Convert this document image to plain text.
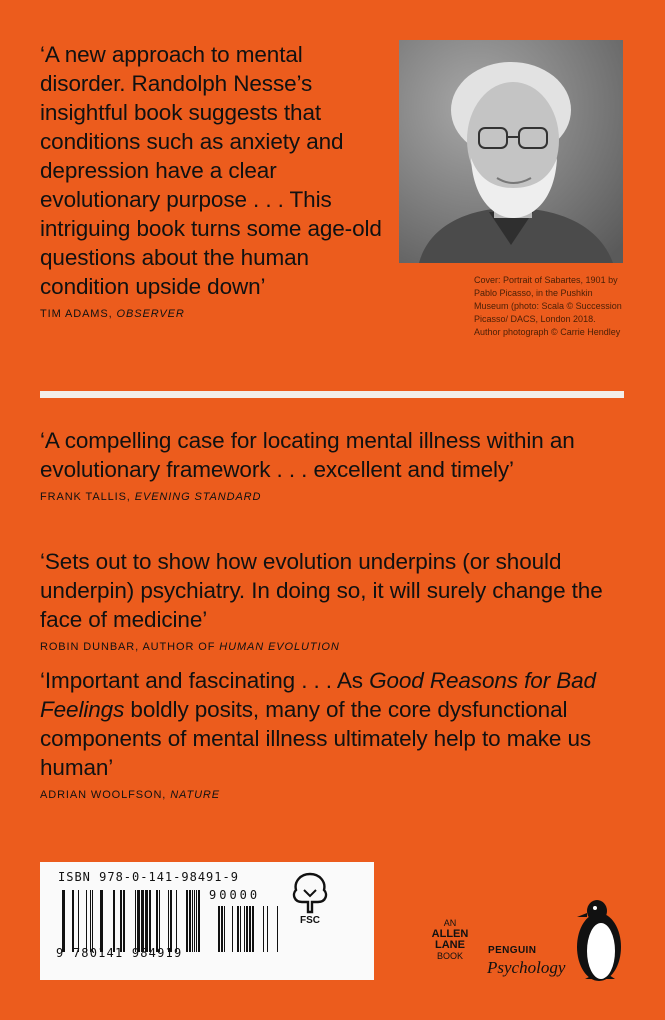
‘A new approach to mental disorder. Randolph Nesse’s insightful book suggests that conditions such as anxiety and depression have a clear evolutionary purpose . . . This intriguing book turns some age-old questions about the human condition upside down’
TIM ADAMS, OBSERVER
Cover: Portrait of Sabartes, 1901 by Pablo Picasso, in the Pushkin Museum (photo: Scala © Succession Picasso/ DACS, London 2018. Author photograph © Carrie Hendley
‘A compelling case for locating mental illness within an evolutionary framework . . . excellent and timely’
FRANK TALLIS, EVENING STANDARD
‘Sets out to show how evolution underpins (or should underpin) psychiatry. In doing so, it will surely change the face of medicine’
ROBIN DUNBAR, AUTHOR OF HUMAN EVOLUTION
‘Important and fascinating . . . As Good Reasons for Bad Feelings boldly posits, many of the core dysfunctional components of mental illness ultimately help to make us human’
ADRIAN WOOLFSON, NATURE
ISBN 978-0-141-98491-9
90000
9 780141 984919
FSC	AN
ALLEN
LANE
BOOK	PENGUIN
Psychology
